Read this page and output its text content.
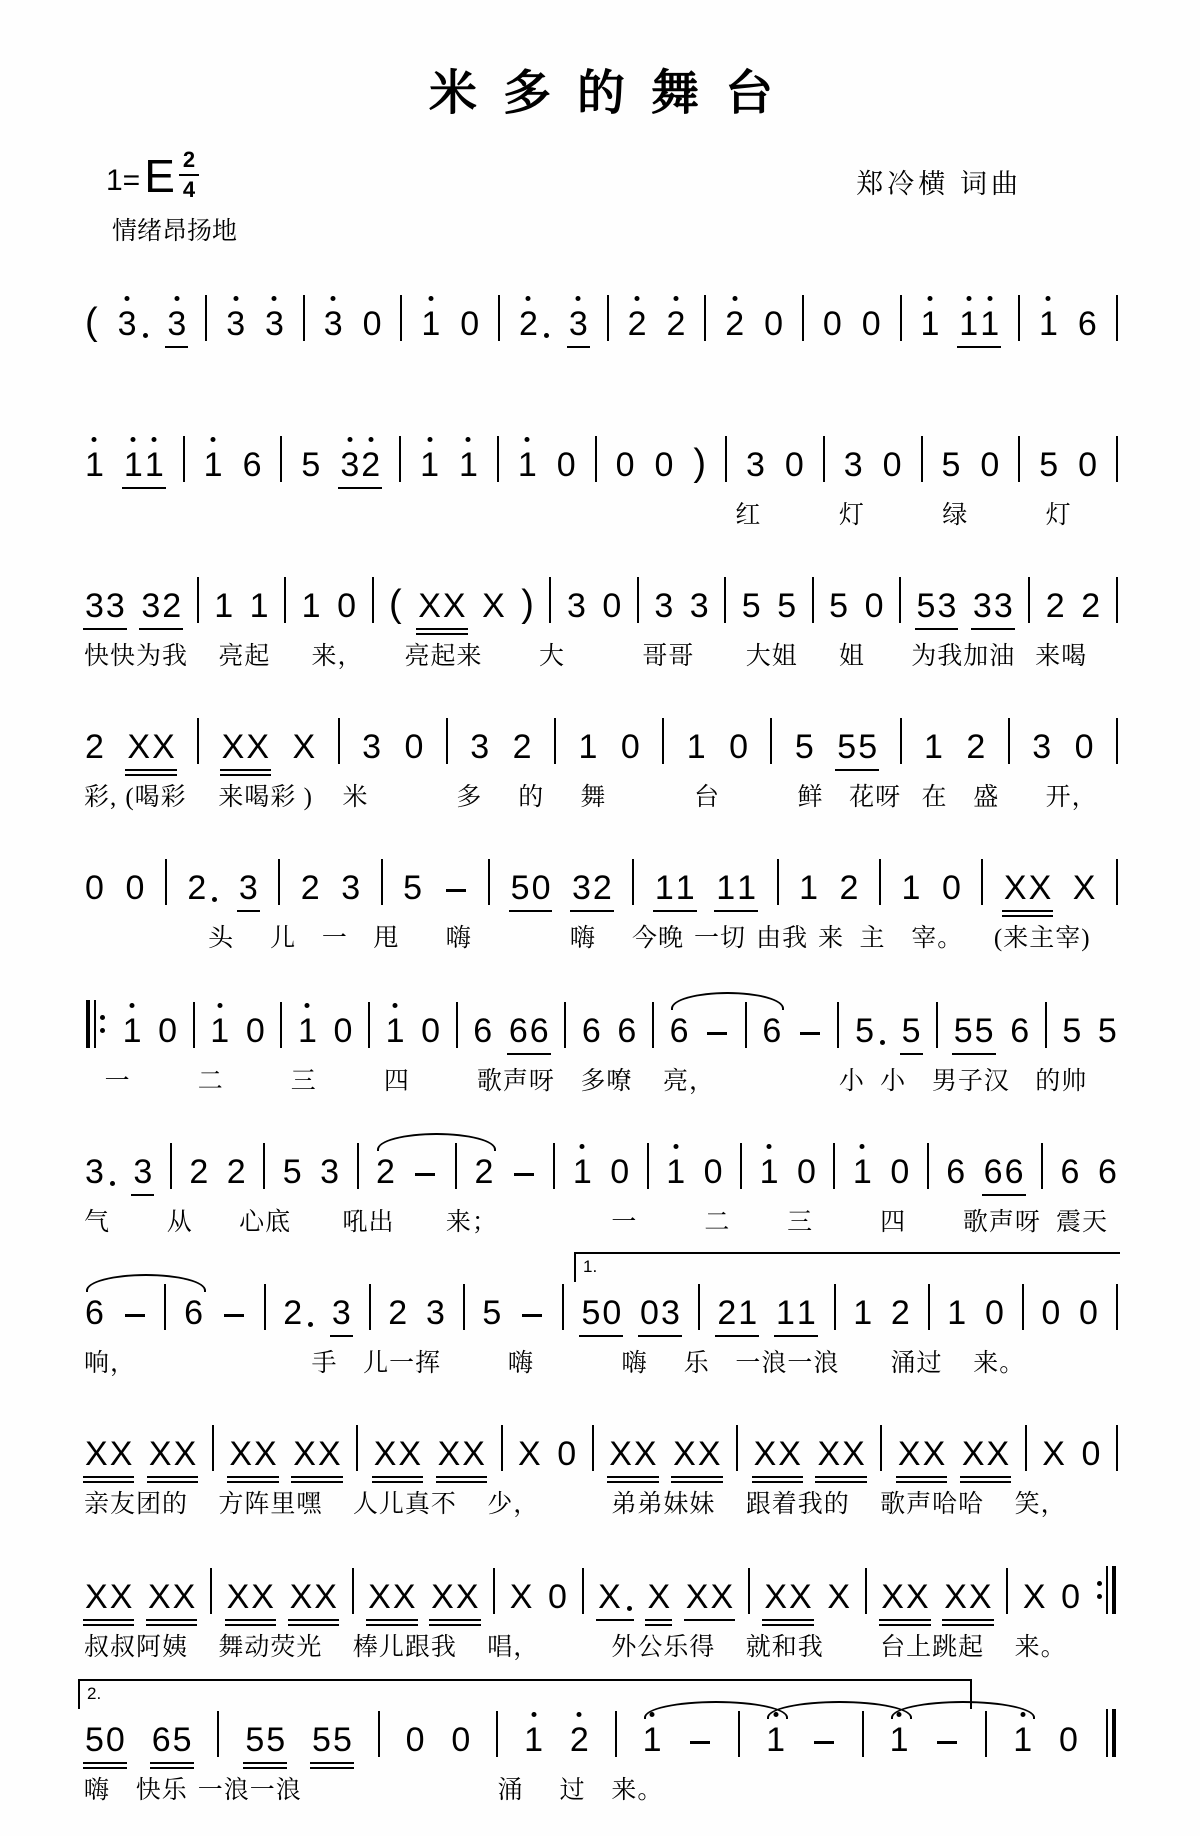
米多的舞台
1= E $\frac{2}{4}$	郑冷横 词曲
情绪昂扬地
( 3 3 3 3 3 0 1 0 2 3 2 2 2 0 0 0 1 1 1 1 6
1 1 1 1 6 5 3 2 1 1 1 0 0 0 ) 3 0 3 0 5 0 5 0
红	灯	绿	灯
3 3 3 2 1 1 1 0 ( X X X ) 3 0 3 3 5 5 5 0 5 3 3 3 2 2
快快为我 亮起 来， 亮起来 大	哥哥 大姐 姐 为我加油 来喝
2 X X X X X 3 0 3 2 1 0 1 0 5 5 5 1 2 3 0
彩, (喝彩 来喝彩 ) 米	多 的 舞	台	鲜 花呀 在 盛 开，
0 0 2 3 2 3 5	5 0 3 2 1 1 1 1 1 2 1 0 X X X
头 儿 一 甩 嗨	嗨 今晚 一切 由我 来 主 宰。 (来主宰)
1 0 1 0 1 0 1 0 6 6 6 6 6 6 6 5 5 5 5 6 5 5
一	二	三	四	歌声呀 多嘹 亮，	小 小 男子汉 的帅
3 3 2 2 5 3 2 2 1 0 1 0 1 0 1 0 6 6 6 6 6
气 从 心底 吼出 来；	一	二 三	四 歌声呀 震天
6 6 2 3 2 3 5 5 0 0 3 2 1 1 1 1 2 1 0 0 0
1.
响，	手 儿一挥	嗨	嗨 乐 一浪一浪 涌过 来。
X X X X X X X X X X X X X 0 X X X X X X X X X X X X X 0
亲友团的 方阵里嘿 人儿真不 少，	弟弟妹妹 跟着我的 歌声哈哈 笑，
X X X X X X X X X X X X X 0 X X X X X X X X X X X X 0
叔叔阿姨 舞动荧光 棒儿跟我 唱，	外公乐得 就和我 台上跳起 来。
5 0 6 5 5 5 5 5 0 0 1 2 1	1	1	1 0
2.
嗨 快乐 一浪一浪	涌 过 来。
